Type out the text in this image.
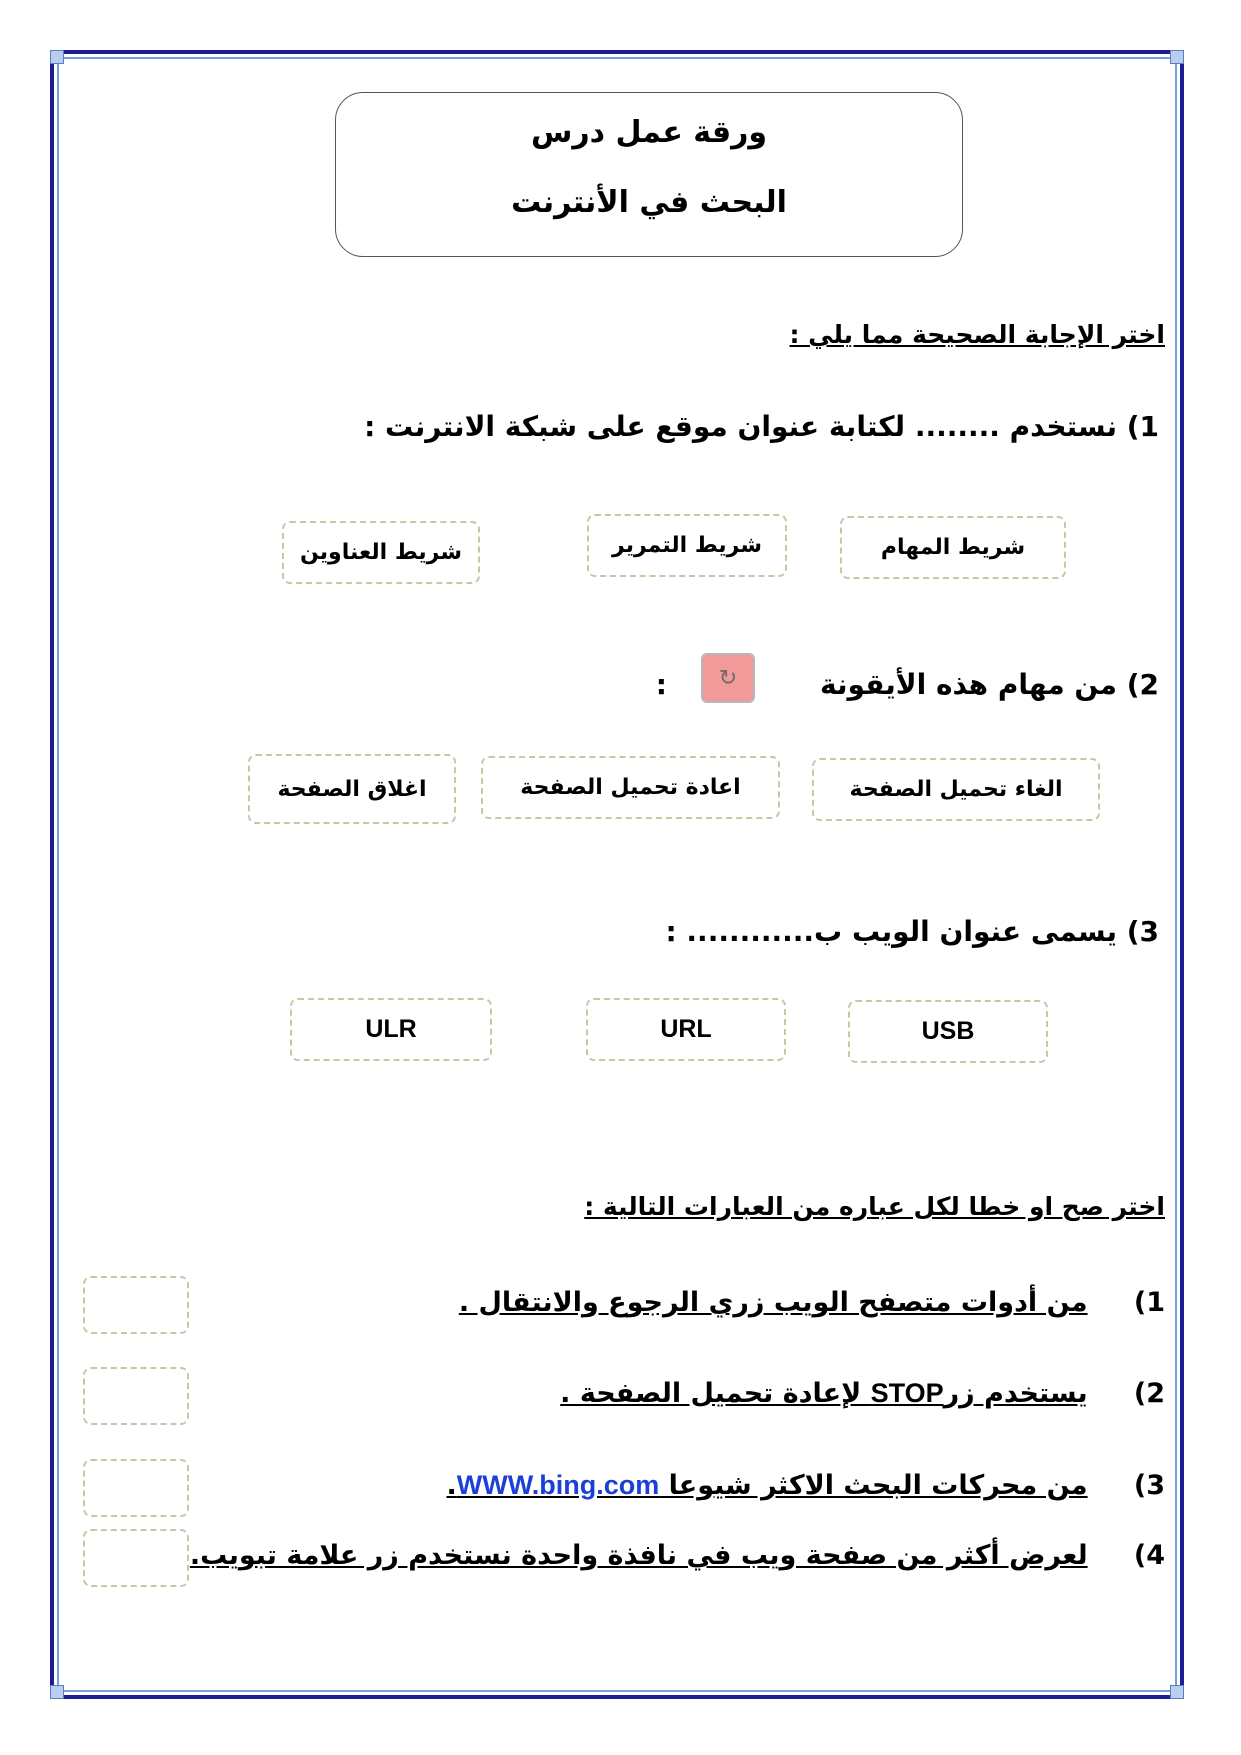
ورقة عمل درس
البحث في الأنترنت
اختر الإجابة الصحيحة مما يلي :
1) نستخدم ........ لكتابة عنوان موقع على شبكة الانترنت :
شريط المهام
شريط التمرير
شريط العناوين
2) من مهام هذه الأيقونة
↻
:
الغاء تحميل الصفحة
اعادة تحميل الصفحة
اغلاق الصفحة
3) يسمى عنوان الويب ب............ :
USB
URL
ULR
اختر صح او خطا لكل عباره من العبارات التالية :
1) من أدوات متصفح الويب زري الرجوع والانتقال .
2) يستخدم زرSTOP لإعادة تحميل الصفحة .
3) من محركات البحث الاكثر شيوعا WWW.bing.com.
4) لعرض أكثر من صفحة ويب في نافذة واحدة نستخدم زر علامة تبويب.
